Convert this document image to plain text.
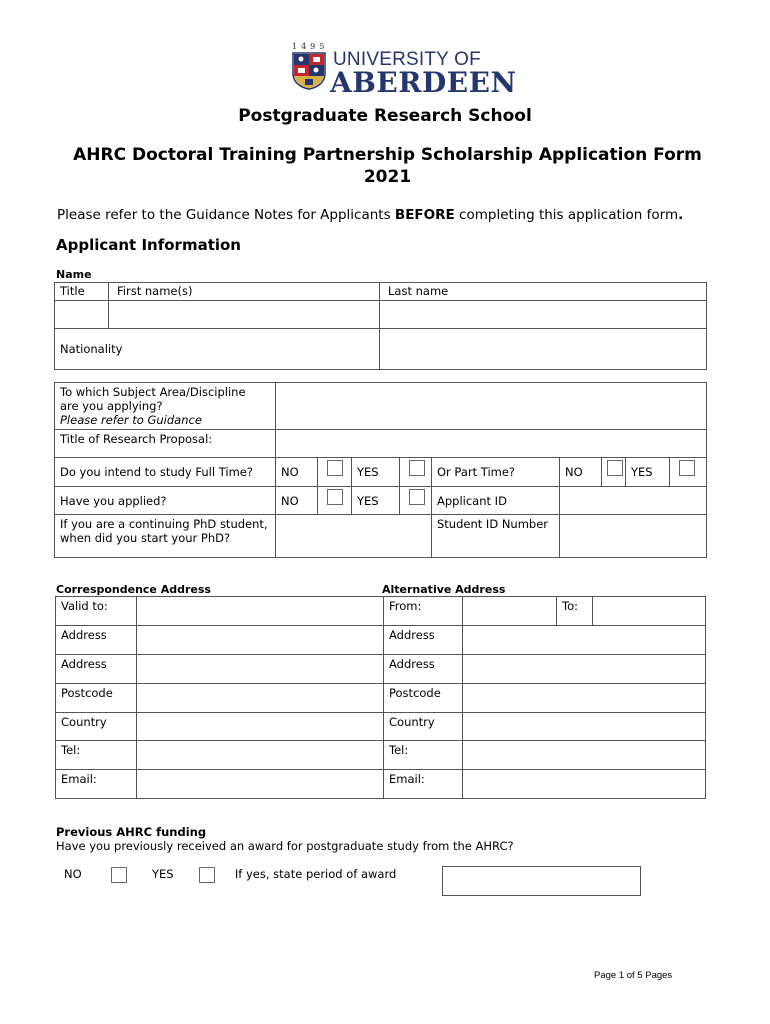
1495
UNIVERSITY OF
ABERDEEN
Postgraduate Research School
AHRC Doctoral Training Partnership Scholarship Application Form 2021
Please refer to the Guidance Notes for Applicants BEFORE completing this application form.
Applicant Information
Name
Title	First name(s)	Last name

Nationality		
To which Subject Area/Discipline
are you applying?
Please refer to Guidance									

Title of Research Proposal:									
Do you intend to study Full Time?	NO		YES		Or Part Time?	NO		YES	
Have you applied?	NO		YES		Applicant ID				

If you are a continuing PhD student,
when did you start your PhD?					Student ID Number				
Correspondence Address	Alternative Address
Valid to:		From:		To:	
Address		Address			
Address		Address			
Postcode		Postcode			
Country		Country			
Tel:		Tel:			
Email:		Email:			
Previous AHRC funding
Have you previously received an award for postgraduate study from the AHRC?
NO	YES	If yes, state period of award
Page 1 of 5 Pages
